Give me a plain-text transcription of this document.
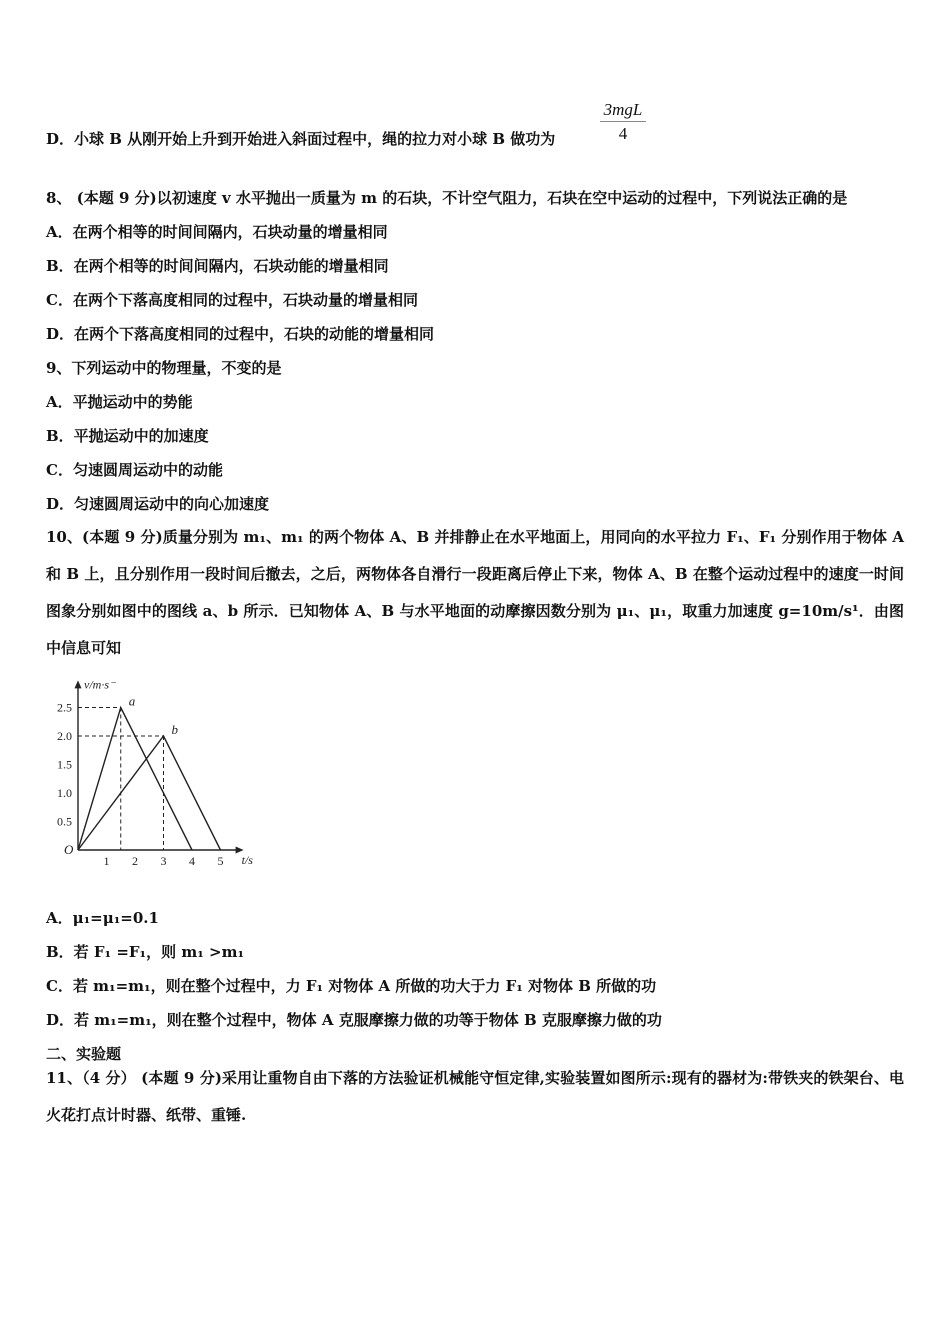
D．小球 B 从刚开始上升到开始进入斜面过程中，绳的拉力对小球 B 做功为
3mgL
4
8、 (本题 9 分)以初速度 v 水平抛出一质量为 m 的石块，不计空气阻力，石块在空中运动的过程中，下列说法正确的是
A．在两个相等的时间间隔内，石块动量的增量相同
B．在两个相等的时间间隔内，石块动能的增量相同
C．在两个下落高度相同的过程中，石块动量的增量相同
D．在两个下落高度相同的过程中，石块的动能的增量相同
9、下列运动中的物理量，不变的是
A．平抛运动中的势能
B．平抛运动中的加速度
C．匀速圆周运动中的动能
D．匀速圆周运动中的向心加速度
10、(本题 9 分)质量分别为 m₁、m₁ 的两个物体 A、B 并排静止在水平地面上，用同向的水平拉力 F₁、F₁ 分别作用于物体 A 和 B 上，且分别作用一段时间后撤去，之后，两物体各自滑行一段距离后停止下来，物体 A、B 在整个运动过程中的速度一时间图象分别如图中的图线 a、b 所示．已知物体 A、B 与水平地面的动摩擦因数分别为 μ₁、μ₁，取重力加速度 g=10m/s¹．由图中信息可知
v/m·s⁻
t/s
O
1 2 3 4 5
0.5
1.0
1.5
2.0
2.5	a
b
A．μ₁=μ₁=0.1
B．若 F₁ =F₁，则 m₁ >m₁
C．若 m₁=m₁，则在整个过程中，力 F₁ 对物体 A 所做的功大于力 F₁ 对物体 B 所做的功
D．若 m₁=m₁，则在整个过程中，物体 A 克服摩擦力做的功等于物体 B 克服摩擦力做的功
二、实验题
11、（4 分） (本题 9 分)采用让重物自由下落的方法验证机械能守恒定律,实验装置如图所示:现有的器材为:带铁夹的铁架台、电火花打点计时器、纸带、重锤.
